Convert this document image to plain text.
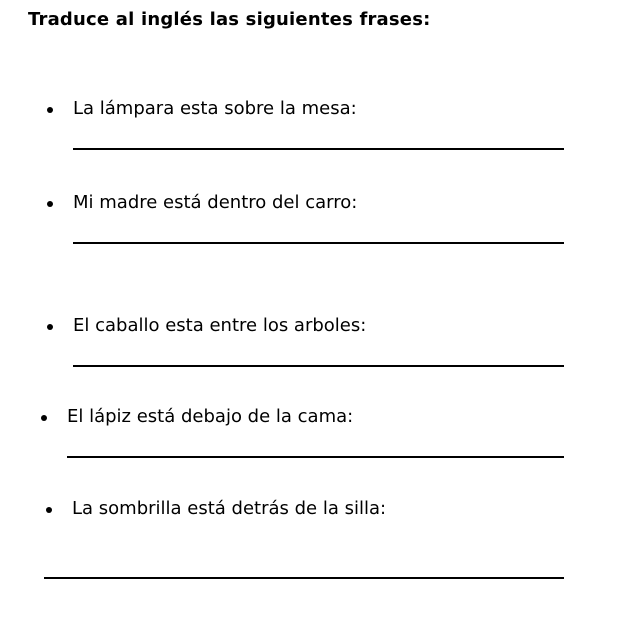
Traduce al inglés las siguientes frases:
La lámpara esta sobre la mesa:
Mi madre está dentro del carro:
El caballo esta entre los arboles:
El lápiz está debajo de la cama:
La sombrilla está detrás de la silla:
